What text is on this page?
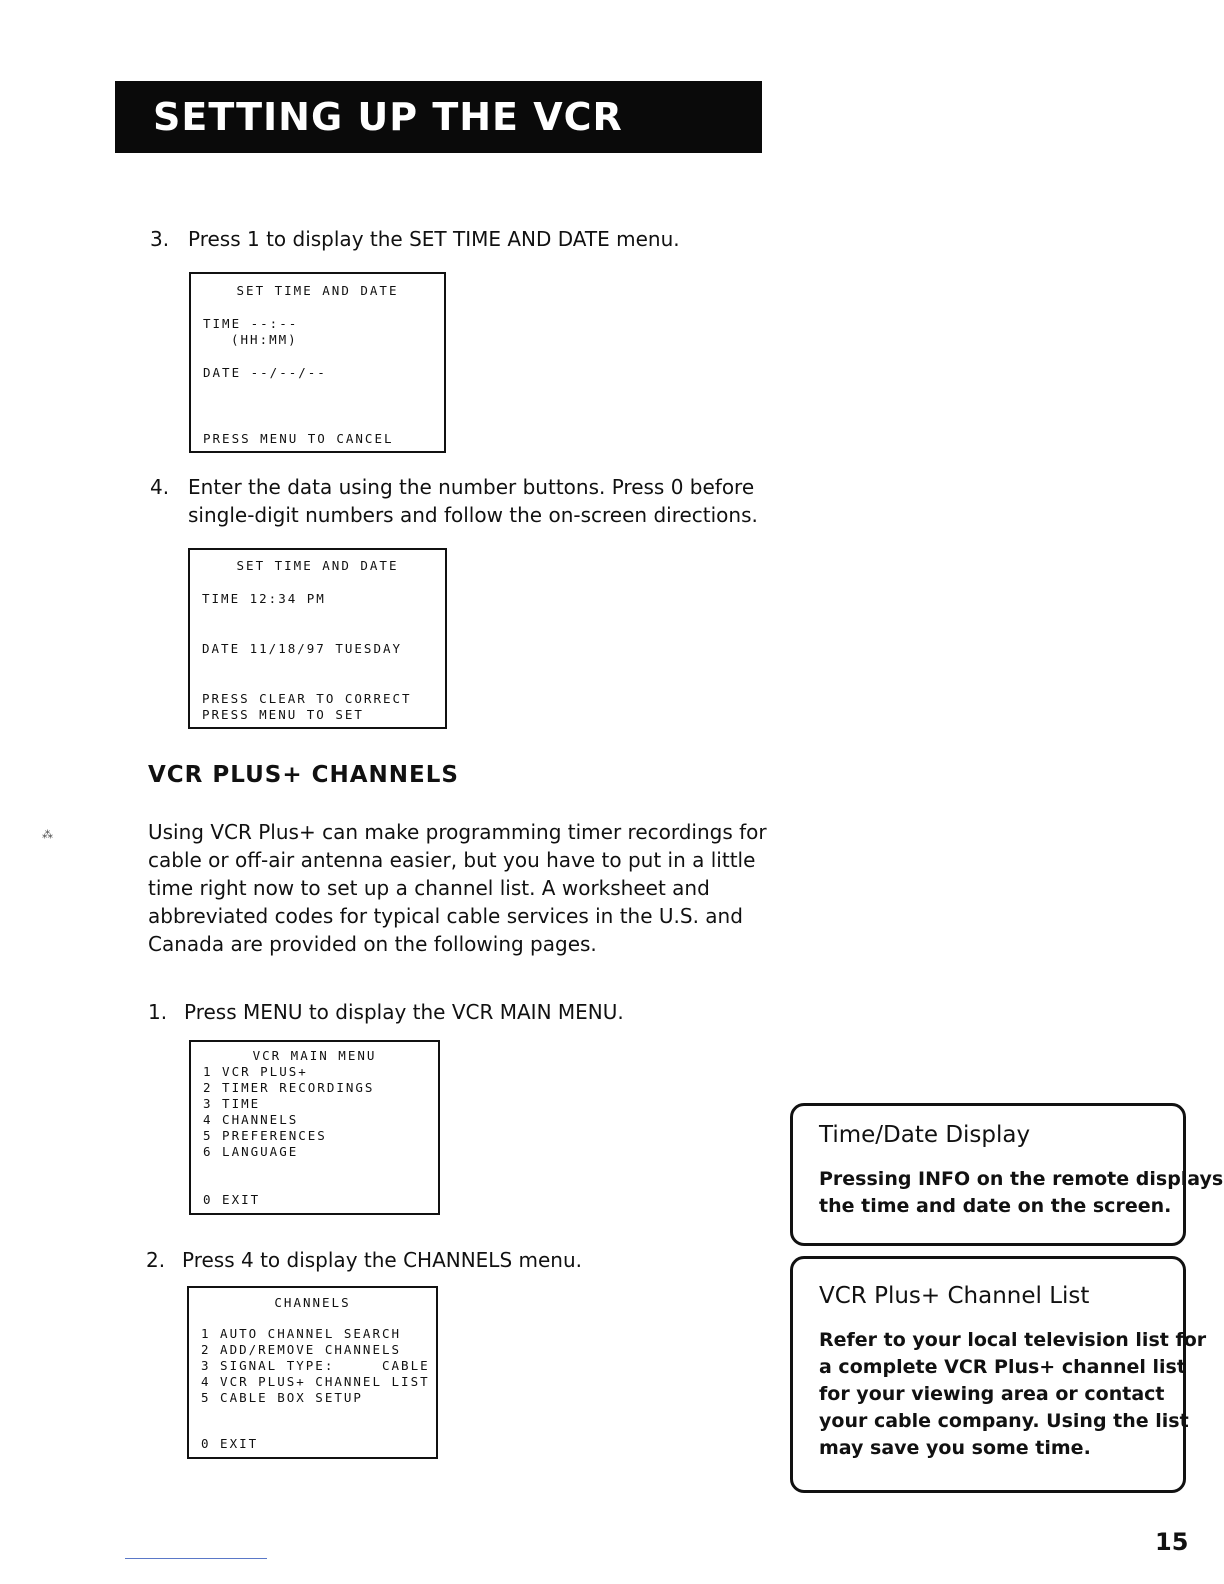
SETTING UP THE VCR
3. Press 1 to display the SET TIME AND DATE menu.

SET TIME AND DATE

TIME --:--

(HH:MM)

DATE --/--/--

PRESS MENU TO CANCEL

4. Enter the data using the number buttons. Press 0 before
single-digit numbers and follow the on-screen directions.

SET TIME AND DATE

TIME 12:34 PM

DATE 11/18/97 TUESDAY

PRESS CLEAR TO CORRECT

PRESS MENU TO SET

VCR PLUS+ CHANNELS
⁂	Using VCR Plus+ can make programming timer recordings for
cable or off-air antenna easier, but you have to put in a little
time right now to set up a channel list. A worksheet and
abbreviated codes for typical cable services in the U.S. and
Canada are provided on the following pages.
1. Press MENU to display the VCR MAIN MENU.

VCR MAIN MENU

1 VCR PLUS+

2 TIMER RECORDINGS

3 TIME

4 CHANNELS

5 PREFERENCES

6 LANGUAGE

0 EXIT

2. Press 4 to display the CHANNELS menu.

CHANNELS

1 AUTO CHANNEL SEARCH

2 ADD/REMOVE CHANNELS

3 SIGNAL TYPE:     CABLE

4 VCR PLUS+ CHANNEL LIST

5 CABLE BOX SETUP

0 EXIT

Time/Date Display
Pressing INFO on the remote displays
the time and date on the screen.
VCR Plus+ Channel List
Refer to your local television list for
a complete VCR Plus+ channel list
for your viewing area or contact
your cable company. Using the list
may save you some time.
15
